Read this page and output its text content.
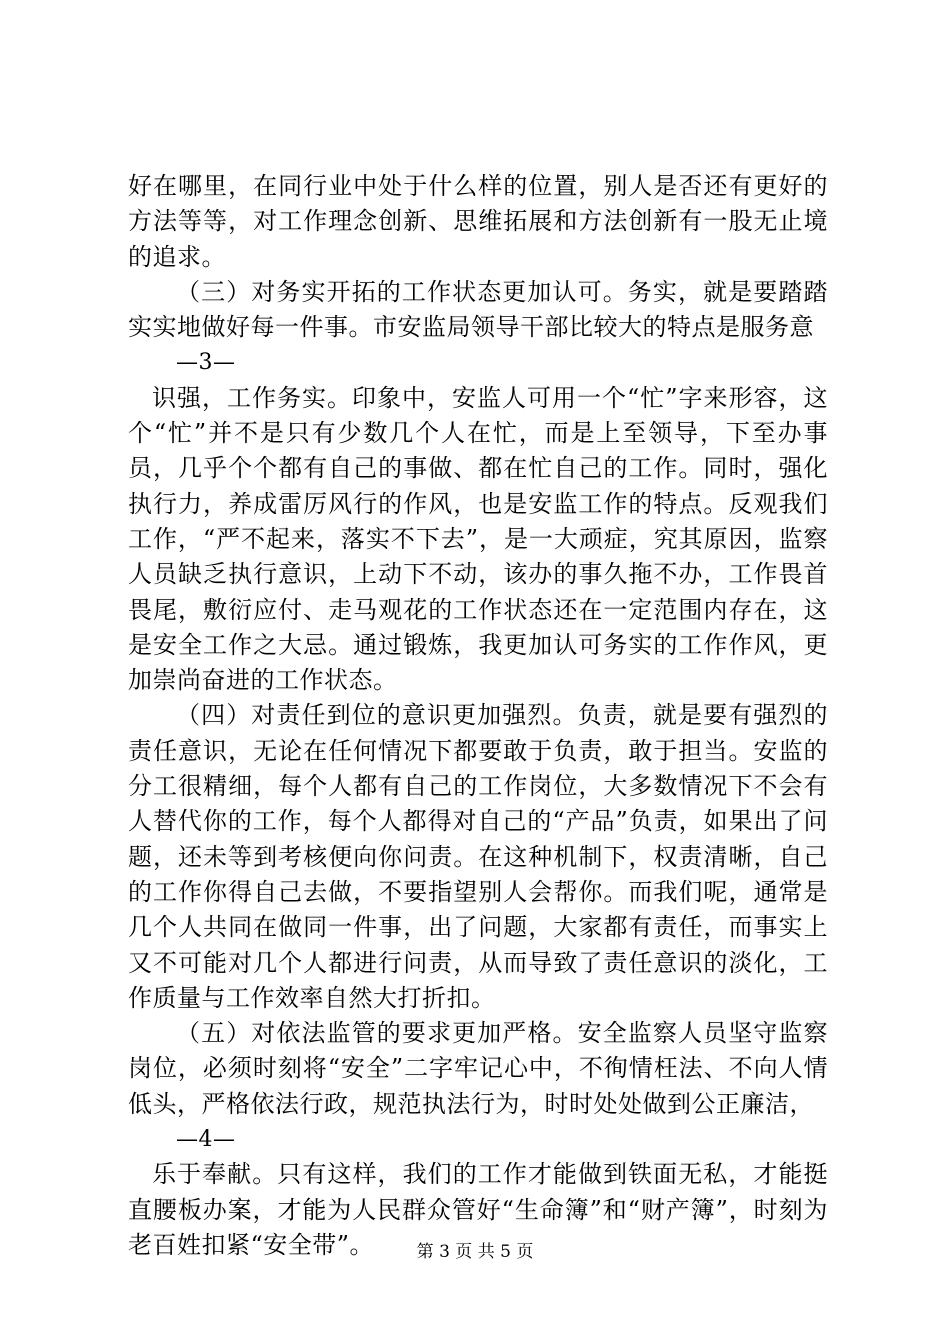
好在哪里，在同行业中处于什么样的位置，别人是否还有更好的方法等等，对工作理念创新、思维拓展和方法创新有一股无止境的追求。

（三）对务实开拓的工作状态更加认可。务实，就是要踏踏实实地做好每一件事。市安监局领导干部比较大的特点是服务意

—3—

识强，工作务实。印象中，安监人可用一个“忙”字来形容，这个“忙”并不是只有少数几个人在忙，而是上至领导，下至办事员，几乎个个都有自己的事做、都在忙自己的工作。同时，强化执行力，养成雷厉风行的作风，也是安监工作的特点。反观我们工作，“严不起来，落实不下去”，是一大顽症，究其原因，监察人员缺乏执行意识，上动下不动，该办的事久拖不办，工作畏首畏尾，敷衍应付、走马观花的工作状态还在一定范围内存在，这是安全工作之大忌。通过锻炼，我更加认可务实的工作作风，更加崇尚奋进的工作状态。

（四）对责任到位的意识更加强烈。负责，就是要有强烈的责任意识，无论在任何情况下都要敢于负责，敢于担当。安监的分工很精细，每个人都有自己的工作岗位，大多数情况下不会有人替代你的工作，每个人都得对自己的“产品”负责，如果出了问题，还未等到考核便向你问责。在这种机制下，权责清晰，自己的工作你得自己去做，不要指望别人会帮你。而我们呢，通常是几个人共同在做同一件事，出了问题，大家都有责任，而事实上又不可能对几个人都进行问责，从而导致了责任意识的淡化，工作质量与工作效率自然大打折扣。

（五）对依法监管的要求更加严格。安全监察人员坚守监察岗位，必须时刻将“安全”二字牢记心中，不徇情枉法、不向人情低头，严格依法行政，规范执法行为，时时处处做到公正廉洁，

—4—

乐于奉献。只有这样，我们的工作才能做到铁面无私，才能挺直腰板办案，才能为人民群众管好“生命簿”和“财产簿”，时刻为老百姓扣紧“安全带”。	第 3 页 共 5 页
